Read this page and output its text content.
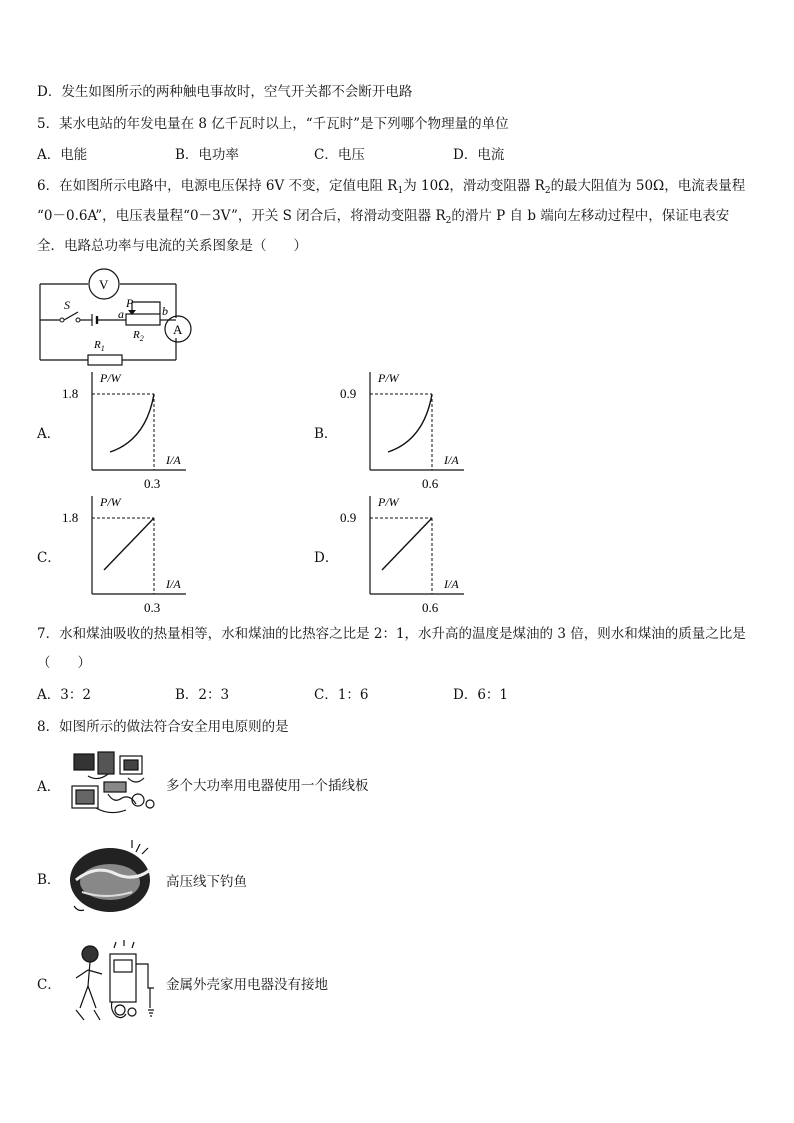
D．发生如图所示的两种触电事故时，空气开关都不会断开电路
5．某水电站的年发电量在 8 亿千瓦时以上，“千瓦时”是下列哪个物理量的单位
A．电能	B．电功率	C．电压	D．电流
6．在如图所示电路中，电源电压保持 6V 不变，定值电阻 $R_1$为 10Ω，滑动变阻器 $R_2$的最大阻值为 50Ω，电流表量程
“0－0.6A”，电压表量程“0－3V”，开关 S 闭合后，将滑动变阻器 $R_2$的滑片 P 自 b 端向左移动过程中，保证电表安
全．电路总功率与电流的关系图象是（　　）
V
A
S	P
a	b
$R_2$
$R_1$
A．	B．
C．	D．
1.8
0.3
P/W
I/A
0.9
0.6
P/W
I/A
1.8
0.3
P/W
I/A
0.9
0.6
P/W
I/A
7．水和煤油吸收的热量相等，水和煤油的比热容之比是 2：1，水升高的温度是煤油的 3 倍，则水和煤油的质量之比是
（　　）
A．3：2	B．2：3	C．1：6	D．6：1
8．如图所示的做法符合安全用电原则的是
A．	多个大功率用电器使用一个插线板
B．	高压线下钓鱼
C．	金属外壳家用电器没有接地
